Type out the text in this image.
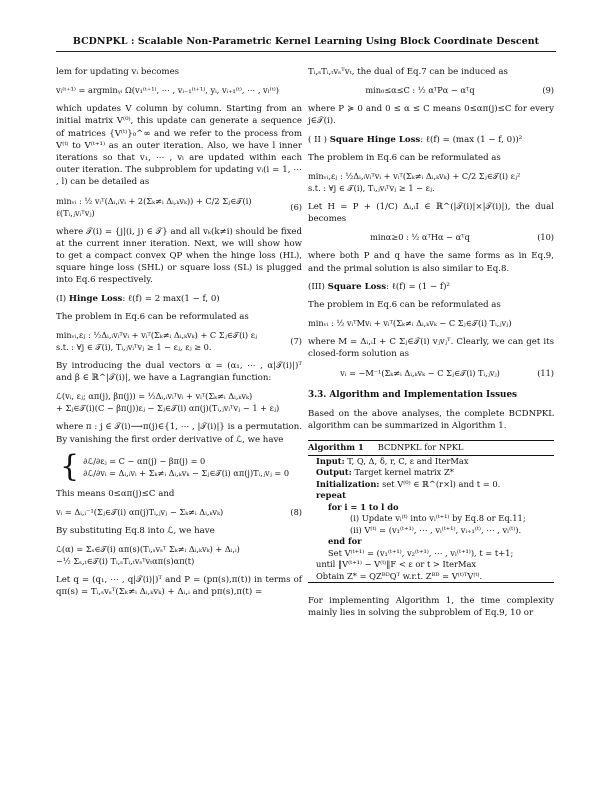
BCDNPKL : Scalable Non-Parametric Kernel Learning Using Block Coordinate Descent

lem for updating vᵢ becomes

vᵢ⁽ᵗ⁺¹⁾ = argminᵧᵢ Ω(v₁⁽ᵗ⁺¹⁾, ⋯ , vᵢ₋₁⁽ᵗ⁺¹⁾, yᵢ, vᵢ₊₁⁽ᵗ⁾, ⋯ , vₗ⁽ᵗ⁾)

which updates V column by column. Starting from an initial matrix V⁽⁰⁾, this update can generate a sequence of matrices {V⁽ᵗ⁾}₀^∞ and we refer to the process from V⁽ᵗ⁾ to V⁽ᵗ⁺¹⁾ as an outer iteration. Also, we have l inner iterations so that v₁, ⋯ , vₗ are updated within each outer iteration. The subproblem for updating vᵢ(i = 1, ⋯ , l) can be detailed as

minᵥᵢ : ½ vᵢᵀ(Δᵢ,ᵢvᵢ + 2(Σₖ≠ᵢ Δᵢ,ₖvₖ)) + C/2 Σⱼ∈𝒯(i) ℓ(Tᵢ,ⱼvᵢᵀvⱼ)
(6)

where 𝒯(i) = {j|(i, j) ∈ 𝒯} and all vₖ(k≠i) should be fixed at the current inner iteration. Next, we will show how to get a compact convex QP when the hinge loss (HL), square hinge loss (SHL) or square loss (SL) is plugged into Eq.6 respectively.

(I) Hinge Loss: ℓ(f) = 2 max(1 − f, 0)

The problem in Eq.6 can be reformulated as

minᵥᵢ,εⱼ : ½Δᵢ,ᵢvᵢᵀvᵢ + vᵢᵀ(Σₖ≠ᵢ Δᵢ,ₖvₖ) + C Σⱼ∈𝒯(i) εⱼ
s.t. : ∀j ∈ 𝒯(i), Tᵢ,ⱼvᵢᵀvⱼ ≥ 1 − εⱼ, εⱼ ≥ 0.
(7)

By introducing the dual vectors α = (α₁, ⋯ , α|𝒯(i)|)ᵀ and β ∈ ℝ^|𝒯(i)|, we have a Lagrangian function:

ℒ(vᵢ, εⱼ; απ(j), βπ(j)) = ½Δᵢ,ᵢvᵢᵀvᵢ + vᵢᵀ(Σₖ≠ᵢ Δᵢ,ₖvₖ)
+ Σⱼ∈𝒯(i)(C − βπ(j))εⱼ − Σⱼ∈𝒯(i) απ(j)(Tᵢ,ⱼvᵢᵀvⱼ − 1 + εⱼ)

where π : j ∈ 𝒯(i)⟶π(j)∈{1, ⋯ , |𝒯(i)|} is a permutation. By vanishing the first order derivative of ℒ, we have

{ ∂ℒ/∂εⱼ = C − απ(j) − βπ(j) = 0
∂ℒ/∂vᵢ = Δᵢ,ᵢvᵢ + Σₖ≠ᵢ Δᵢ,ₖvₖ − Σⱼ∈𝒯(i) απ(j)Tᵢ,ⱼvⱼ = 0

This means 0≤απ(j)≤C and

vᵢ = Δᵢ,ᵢ⁻¹(Σⱼ∈𝒯(i) απ(j)Tᵢ,ⱼvⱼ − Σₖ≠ᵢ Δᵢ,ₖvₖ)	(8)

By substituting Eq.8 into ℒ, we have

ℒ(α) = Σₛ∈𝒯(i) απ(s)(Tᵢ,ₛvₛᵀ Σₖ≠ᵢ Δᵢ,ₖvₖ) + Δᵢ,ᵢ)
−½ Σₛ,ₜ∈𝒯(i) Tᵢ,ₛTᵢ,ₜvₛᵀvₜαπ(s)απ(t)

Let q = (q₁, ⋯ , q|𝒯(i)|)ᵀ and P = (pπ(s),π(t)) in terms of qπ(s) = Tᵢ,ₛvₛᵀ(Σₖ≠ᵢ Δᵢ,ₖvₖ) + Δᵢ,ᵢ and pπ(s),π(t) =

Tᵢ,ₛTᵢ,ₜvₛᵀvₜ, the dual of Eq.7 can be induced as

min₀≤α≤C : ½ αᵀPα − αᵀq	(9)

where P ≽ 0 and 0 ≤ α ≤ C means 0≤απ(j)≤C for every j∈𝒯(i).

( II ) Square Hinge Loss: ℓ(f) = (max (1 − f, 0))²

The problem in Eq.6 can be reformulated as

minᵥᵢ,εⱼ : ½Δᵢ,ᵢvᵢᵀvᵢ + vᵢᵀ(Σₖ≠ᵢ Δᵢ,ₖvₖ) + C/2 Σⱼ∈𝒯(i) εⱼ²
s.t. : ∀j ∈ 𝒯(i), Tᵢ,ⱼvᵢᵀvⱼ ≥ 1 − εⱼ.

Let H = P + (1/C) Δᵢ,ᵢI ∈ ℝ^(|𝒯(i)|×|𝒯(i)|), the dual becomes

minα≥0 : ½ αᵀHα − αᵀq	(10)

where both P and q have the same forms as in Eq.9, and the primal solution is also similar to Eq.8.

(III) Square Loss: ℓ(f) = (1 − f)²

The problem in Eq.6 can be reformulated as

minᵥᵢ : ½ vᵢᵀMvᵢ + vᵢᵀ(Σₖ≠ᵢ Δᵢ,ₖvₖ − C Σⱼ∈𝒯(i) Tᵢ,ⱼvⱼ)

where M = Δᵢ,ᵢI + C Σⱼ∈𝒯(i) vⱼvⱼᵀ. Clearly, we can get its closed-form solution as

vᵢ = −M⁻¹(Σₖ≠ᵢ Δᵢ,ₖvₖ − C Σⱼ∈𝒯(i) Tᵢ,ⱼvⱼ)	(11)
3.3. Algorithm and Implementation Issues

Based on the above analyses, the complete BCDNPKL algorithm can be summarized in Algorithm 1.

Algorithm 1 BCDNPKL for NPKL
Input: T, Q, Δ, δ, r, C, ε and IterMax
Output: Target kernel matrix Z*
Initialization: set V⁽⁰⁾ ∈ ℝ^(r×l) and t = 0.
repeat
for i = 1 to l do
(i) Update vᵢ⁽ᵗ⁾ into vᵢ⁽ᵗ⁺¹⁾ by Eq.8 or Eq.11;
(ii) V⁽ᵗ⁾ = (v₁⁽ᵗ⁺¹⁾, ⋯ , vᵢ⁽ᵗ⁺¹⁾, vᵢ₊₁⁽ᵗ⁾, ⋯ , vₗ⁽ᵗ⁾).
end for
Set V⁽ᵗ⁺¹⁾ = (v₁⁽ᵗ⁺¹⁾, v₂⁽ᵗ⁺¹⁾, ⋯ , vₗ⁽ᵗ⁺¹⁾), t = t+1;
until ‖V⁽ᵗ⁺¹⁾ − V⁽ᵗ⁾‖F < ε or t > IterMax
Obtain Z* = QZᴮᴰQᵀ w.r.t. Zᴮᴰ = V⁽ᵗ⁾ᵀV⁽ᵗ⁾.

For implementing Algorithm 1, the time complexity mainly lies in solving the subproblem of Eq.9, 10 or
